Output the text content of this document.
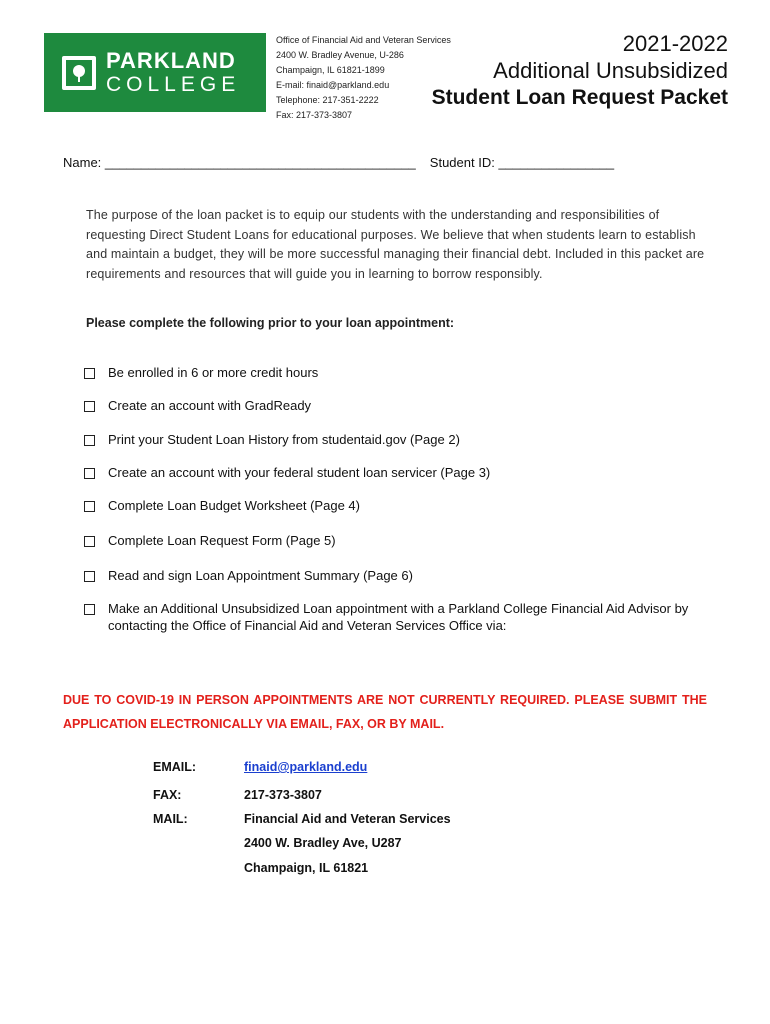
PARKLAND
COLLEGE
Office of Financial Aid and Veteran Services
2400 W. Bradley Avenue, U-286
Champaign, IL 61821-1899
E-mail: finaid@parkland.edu
Telephone: 217-351-2222
Fax: 217-373-3807
2021-2022
Additional Unsubsidized
Student Loan Request Packet
Name: ___________________________________________ Student ID: ________________
The purpose of the loan packet is to equip our students with the understanding and responsibilities of requesting Direct Student Loans for educational purposes. We believe that when students learn to establish and maintain a budget, they will be more successful managing their financial debt. Included in this packet are requirements and resources that will guide you in learning to borrow responsibly.
Please complete the following prior to your loan appointment:
Be enrolled in 6 or more credit hours
Create an account with GradReady
Print your Student Loan History from studentaid.gov (Page 2)
Create an account with your federal student loan servicer (Page 3)
Complete Loan Budget Worksheet (Page 4)
Complete Loan Request Form (Page 5)
Read and sign Loan Appointment Summary (Page 6)
Make an Additional Unsubsidized Loan appointment with a Parkland College Financial Aid Advisor by contacting the Office of Financial Aid and Veteran Services Office via:
DUE TO COVID-19 IN PERSON APPOINTMENTS ARE NOT CURRENTLY REQUIRED. PLEASE SUBMIT THE APPLICATION ELECTRONICALLY VIA EMAIL, FAX, OR BY MAIL.
EMAIL:	finaid@parkland.edu
FAX:	217-373-3807
MAIL:	Financial Aid and Veteran Services
2400 W. Bradley Ave, U287
Champaign, IL 61821
